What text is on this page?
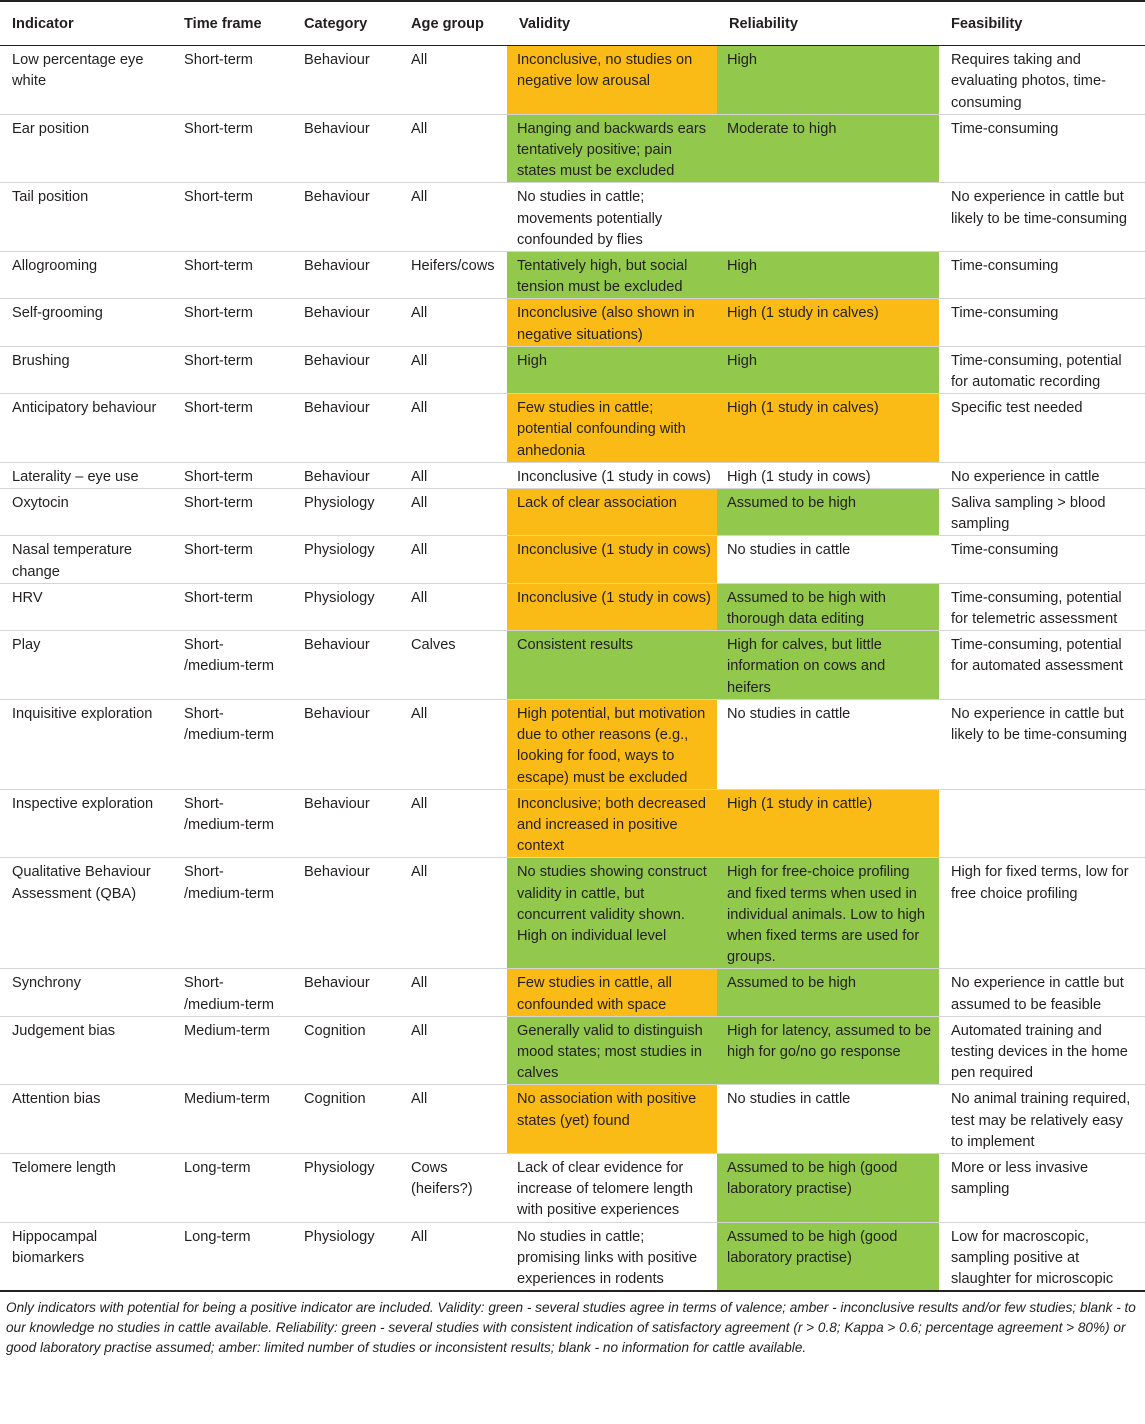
Indicator	Time frame	Category	Age group	Validity	Reliability	Feasibility
Low percentage eye white	Short-term	Behaviour	All	Inconclusive, no studies on negative low arousal	High	Requires taking and evaluating photos, time-consuming
Ear position	Short-term	Behaviour	All	Hanging and backwards ears tentatively positive; pain states must be excluded	Moderate to high	Time-consuming
Tail position	Short-term	Behaviour	All	No studies in cattle; movements potentially confounded by flies		No experience in cattle but likely to be time-consuming
Allogrooming	Short-term	Behaviour	Heifers/cows	Tentatively high, but social tension must be excluded	High	Time-consuming
Self-grooming	Short-term	Behaviour	All	Inconclusive (also shown in negative situations)	High (1 study in calves)	Time-consuming
Brushing	Short-term	Behaviour	All	High	High	Time-consuming, potential for automatic recording
Anticipatory behaviour	Short-term	Behaviour	All	Few studies in cattle; potential confounding with anhedonia	High (1 study in calves)	Specific test needed
Laterality – eye use	Short-term	Behaviour	All	Inconclusive (1 study in cows)	High (1 study in cows)	No experience in cattle
Oxytocin	Short-term	Physiology	All	Lack of clear association	Assumed to be high	Saliva sampling > blood sampling
Nasal temperature change	Short-term	Physiology	All	Inconclusive (1 study in cows)	No studies in cattle	Time-consuming
HRV	Short-term	Physiology	All	Inconclusive (1 study in cows)	Assumed to be high with thorough data editing	Time-consuming, potential for telemetric assessment
Play	Short- /medium-term	Behaviour	Calves	Consistent results	High for calves, but little information on cows and heifers	Time-consuming, potential for automated assessment
Inquisitive exploration	Short- /medium-term	Behaviour	All	High potential, but motivation due to other reasons (e.g., looking for food, ways to escape) must be excluded	No studies in cattle	No experience in cattle but likely to be time-consuming
Inspective exploration	Short- /medium-term	Behaviour	All	Inconclusive; both decreased and increased in positive context	High (1 study in cattle)	
Qualitative Behaviour Assessment (QBA)	Short- /medium-term	Behaviour	All	No studies showing construct validity in cattle, but concurrent validity shown. High on individual level	High for free-choice profiling and fixed terms when used in individual animals. Low to high when fixed terms are used for groups.	High for fixed terms, low for free choice profiling
Synchrony	Short- /medium-term	Behaviour	All	Few studies in cattle, all confounded with space	Assumed to be high	No experience in cattle but assumed to be feasible
Judgement bias	Medium-term	Cognition	All	Generally valid to distinguish mood states; most studies in calves	High for latency, assumed to be high for go/no go response	Automated training and testing devices in the home pen required
Attention bias	Medium-term	Cognition	All	No association with positive states (yet) found	No studies in cattle	No animal training required, test may be relatively easy to implement
Telomere length	Long-term	Physiology	Cows (heifers?)	Lack of clear evidence for increase of telomere length with positive experiences	Assumed to be high (good laboratory practise)	More or less invasive sampling
Hippocampal biomarkers	Long-term	Physiology	All	No studies in cattle; promising links with positive experiences in rodents	Assumed to be high (good laboratory practise)	Low for macroscopic, sampling positive at slaughter for microscopic

Only indicators with potential for being a positive indicator are included. Validity: green - several studies agree in terms of valence; amber - inconclusive results and/or few studies; blank - to our knowledge no studies in cattle available. Reliability: green - several studies with consistent indication of satisfactory agreement (r > 0.8; Kappa > 0.6; percentage agreement > 80%) or good laboratory practise assumed; amber: limited number of studies or inconsistent results; blank - no information for cattle available.
